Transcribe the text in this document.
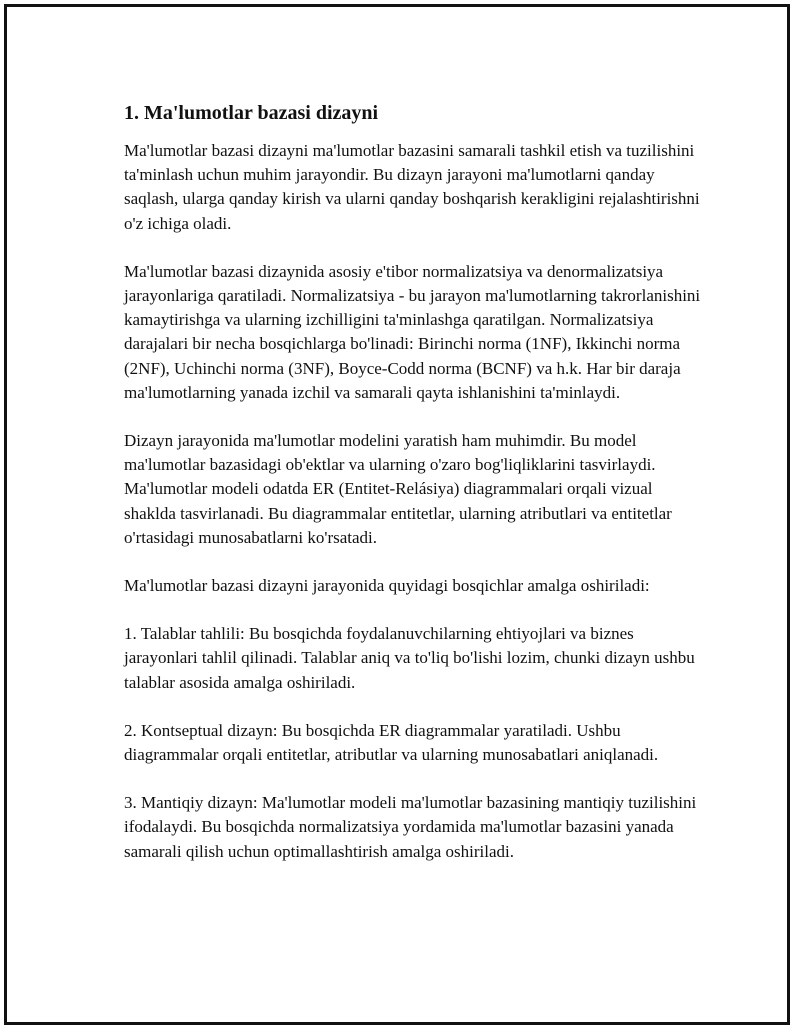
1. Ma'lumotlar bazasi dizayni

Ma'lumotlar bazasi dizayni ma'lumotlar bazasini samarali tashkil etish va tuzilishini ta'minlash uchun muhim jarayondir. Bu dizayn jarayoni ma'lumotlarni qanday saqlash, ularga qanday kirish va ularni qanday boshqarish kerakligini rejalashtirishni o'z ichiga oladi.

Ma'lumotlar bazasi dizaynida asosiy e'tibor normalizatsiya va denormalizatsiya jarayonlariga qaratiladi. Normalizatsiya - bu jarayon ma'lumotlarning takrorlanishini kamaytirishga va ularning izchilligini ta'minlashga qaratilgan. Normalizatsiya darajalari bir necha bosqichlarga bo'linadi: Birinchi norma (1NF), Ikkinchi norma (2NF), Uchinchi norma (3NF), Boyce-Codd norma (BCNF) va h.k. Har bir daraja ma'lumotlarning yanada izchil va samarali qayta ishlanishini ta'minlaydi.

Dizayn jarayonida ma'lumotlar modelini yaratish ham muhimdir. Bu model ma'lumotlar bazasidagi ob'ektlar va ularning o'zaro bog'liqliklarini tasvirlaydi. Ma'lumotlar modeli odatda ER (Entitet-Relásiya) diagrammalari orqali vizual shaklda tasvirlanadi. Bu diagrammalar entitetlar, ularning atributlari va entitetlar o'rtasidagi munosabatlarni ko'rsatadi.

Ma'lumotlar bazasi dizayni jarayonida quyidagi bosqichlar amalga oshiriladi:

1. Talablar tahlili: Bu bosqichda foydalanuvchilarning ehtiyojlari va biznes jarayonlari tahlil qilinadi. Talablar aniq va to'liq bo'lishi lozim, chunki dizayn ushbu talablar asosida amalga oshiriladi.

2. Kontseptual dizayn: Bu bosqichda ER diagrammalar yaratiladi. Ushbu diagrammalar orqali entitetlar, atributlar va ularning munosabatlari aniqlanadi.

3. Mantiqiy dizayn: Ma'lumotlar modeli ma'lumotlar bazasining mantiqiy tuzilishini ifodalaydi. Bu bosqichda normalizatsiya yordamida ma'lumotlar bazasini yanada samarali qilish uchun optimallashtirish amalga oshiriladi.
